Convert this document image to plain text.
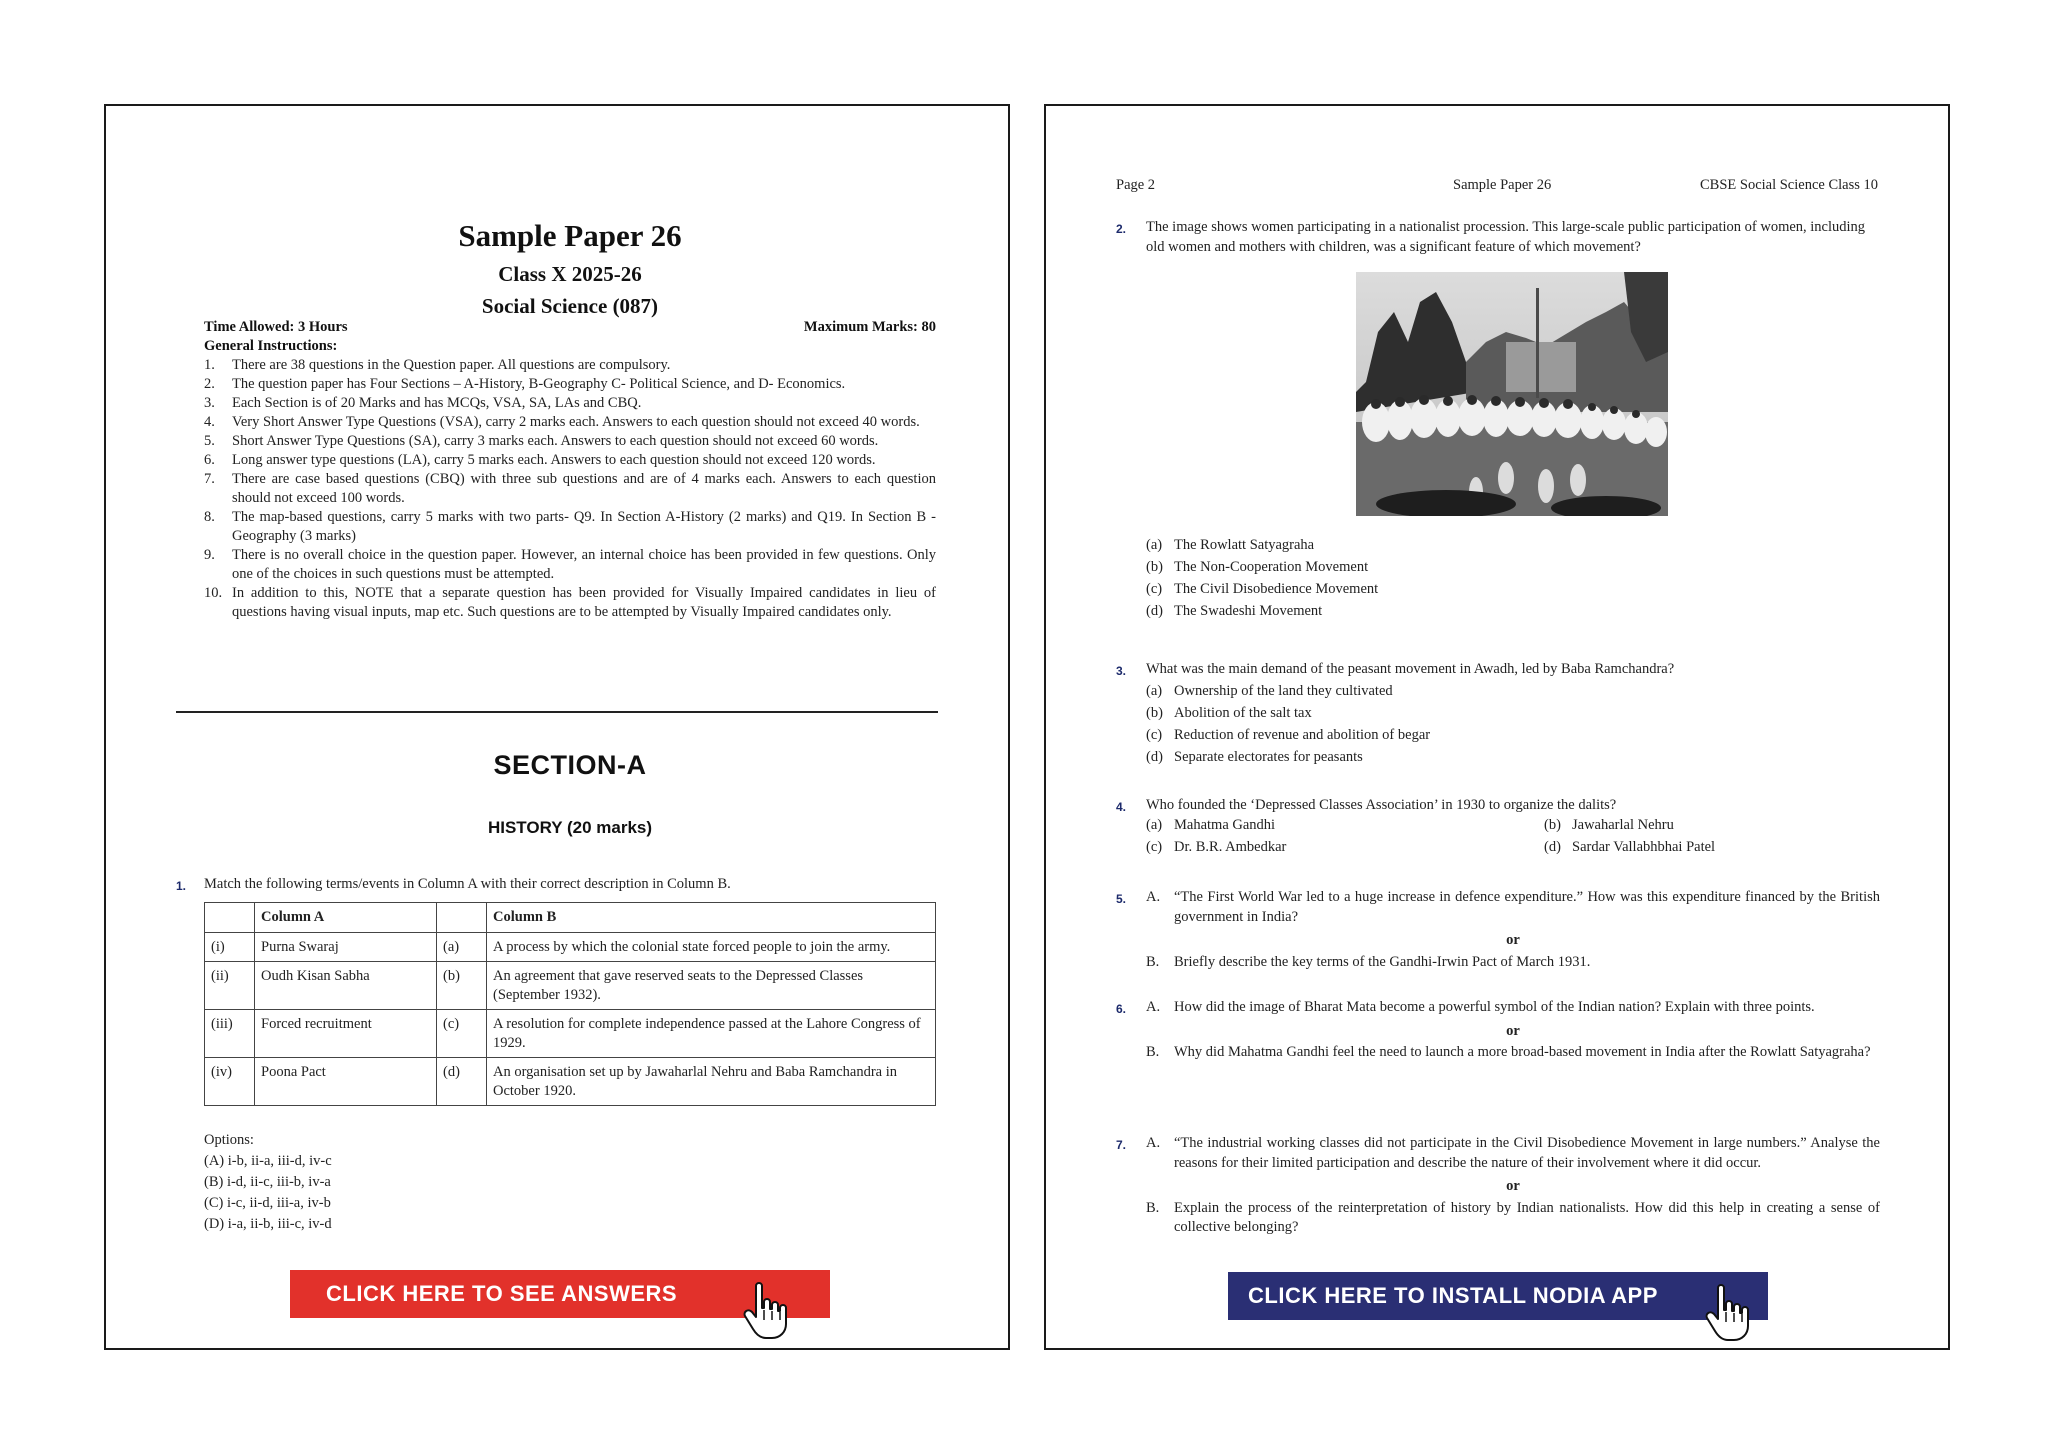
Sample Paper 26
Class X 2025-26
Social Science (087)
Time Allowed: 3 Hours	Maximum Marks: 80
General Instructions:
1. There are 38 questions in the Question paper. All questions are compulsory.
2. The question paper has Four Sections – A-History, B-Geography C- Political Science, and D- Economics.
3. Each Section is of 20 Marks and has MCQs, VSA, SA, LAs and CBQ.
4. Very Short Answer Type Questions (VSA), carry 2 marks each. Answers to each question should not exceed 40 words.
5. Short Answer Type Questions (SA), carry 3 marks each. Answers to each question should not exceed 60 words.
6. Long answer type questions (LA), carry 5 marks each. Answers to each question should not exceed 120 words.
7. There are case based questions (CBQ) with three sub questions and are of 4 marks each. Answers to each question should not exceed 100 words.
8. The map-based questions, carry 5 marks with two parts- Q9. In Section A-History (2 marks) and Q19. In Section B -Geography (3 marks)
9. There is no overall choice in the question paper. However, an internal choice has been provided in few questions. Only one of the choices in such questions must be attempted.
10. In addition to this, NOTE that a separate question has been provided for Visually Impaired candidates in lieu of questions having visual inputs, map etc. Such questions are to be attempted by Visually Impaired candidates only.
SECTION-A
HISTORY (20 marks)
1. Match the following terms/events in Column A with their correct description in Column B.
	Column A		Column B
(i)	Purna Swaraj	(a)	A process by which the colonial state forced people to join the army.
(ii)	Oudh Kisan Sabha	(b)	An agreement that gave reserved seats to the Depressed Classes (September 1932).
(iii)	Forced recruitment	(c)	A resolution for complete independence passed at the Lahore Congress of 1929.
(iv)	Poona Pact	(d)	An organisation set up by Jawaharlal Nehru and Baba Ramchandra in October 1920.
Options:
(A) i-b, ii-a, iii-d, iv-c
(B) i-d, ii-c, iii-b, iv-a
(C) i-c, ii-d, iii-a, iv-b
(D) i-a, ii-b, iii-c, iv-d
CLICK HERE TO SEE ANSWERS
Page 2	Sample Paper 26	CBSE Social Science Class 10
2. The image shows women participating in a nationalist procession. This large-scale public participation of women, including old women and mothers with children, was a significant feature of which movement?
(a) The Rowlatt Satyagraha
(b) The Non-Cooperation Movement
(c) The Civil Disobedience Movement
(d) The Swadeshi Movement
3. What was the main demand of the peasant movement in Awadh, led by Baba Ramchandra?
(a) Ownership of the land they cultivated
(b) Abolition of the salt tax
(c) Reduction of revenue and abolition of begar
(d) Separate electorates for peasants
4. Who founded the ‘Depressed Classes Association’ in 1930 to organize the dalits?
(a) Mahatma Gandhi	(b) Jawaharlal Nehru
(c) Dr. B.R. Ambedkar	(d) Sardar Vallabhbhai Patel
5. A. “The First World War led to a huge increase in defence expenditure.” How was this expenditure financed by the British government in India?
or
B. Briefly describe the key terms of the Gandhi-Irwin Pact of March 1931.
6. A. How did the image of Bharat Mata become a powerful symbol of the Indian nation? Explain with three points.
or
B. Why did Mahatma Gandhi feel the need to launch a more broad-based movement in India after the Rowlatt Satyagraha?
7. A. “The industrial working classes did not participate in the Civil Disobedience Movement in large numbers.” Analyse the reasons for their limited participation and describe the nature of their involvement where it did occur.
or
B. Explain the process of the reinterpretation of history by Indian nationalists. How did this help in creating a sense of collective belonging?
CLICK HERE TO INSTALL NODIA APP
